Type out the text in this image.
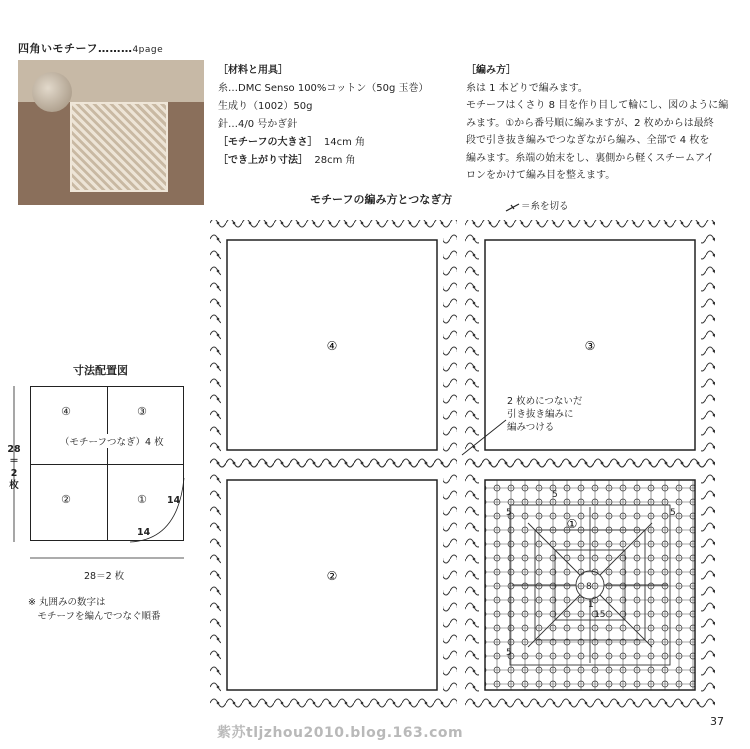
四角いモチーフ………4page
［材料と用具］
糸…DMC Senso 100%コットン（50g 玉巻）
生成り（1002）50g
針…4/0 号かぎ針
［モチーフの大きさ］ 14cm 角
［でき上がり寸法］ 28cm 角
［編み方］
糸は 1 本どりで編みます。
モチーフはくさり 8 目を作り目して輪にし、図のように編
みます。①から番号順に編みますが、2 枚めからは最終
段で引き抜き編みでつなぎながら編み、全部で 4 枚を
編みます。糸端の始末をし、裏側から軽くスチームアイ
ロンをかけて編み目を整えます。
モチーフの編み方とつなぎ方
＝糸を切る
④	③
②
①
5
5
5
5
8
15
1
2 枚めにつないだ
引き抜き編みに
編みつける
寸法配置図
④	③
②	①
（モチーフつなぎ）4 枚
14
14
28
＝
2
枚
28＝2 枚
※ 丸囲みの数字は
　モチーフを編んでつなぐ順番
紫苏tljzhou2010.blog.163.com
37
